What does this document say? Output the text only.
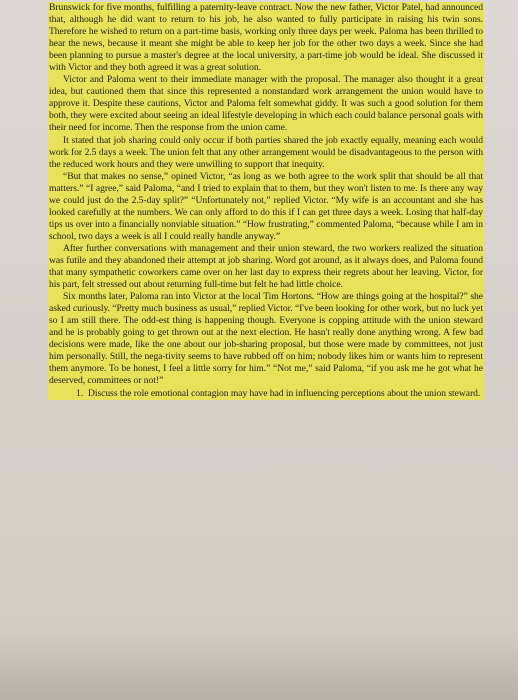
Brunswick for five months, fulfilling a paternity-leave contract. Now the new father, Victor Patel, had announced that, although he did want to return to his job, he also wanted to fully participate in raising his twin sons. Therefore he wished to return on a part-time basis, working only three days per week. Paloma has been thrilled to hear the news, because it meant she might be able to keep her job for the other two days a week. Since she had been planning to pursue a master's degree at the local university, a part-time job would be ideal. She discussed it with Victor and they both agreed it was a great solution.

Victor and Paloma went to their immediate manager with the proposal. The manager also thought it a great idea, but cautioned them that since this represented a nonstandard work arrangement the union would have to approve it. Despite these cautions, Victor and Paloma felt somewhat giddy. It was such a good solution for them both, they were excited about seeing an ideal lifestyle developing in which each could balance personal goals with their need for income. Then the response from the union came.

It stated that job sharing could only occur if both parties shared the job exactly equally, meaning each would work for 2.5 days a week. The union felt that any other arrangement would be disadvantageous to the person with the reduced work hours and they were unwilling to support that inequity.

“But that makes no sense,” opined Victor, “as long as we both agree to the work split that should be all that matters.” “I agree,” said Paloma, “and I tried to explain that to them, but they won't listen to me. Is there any way we could just do the 2.5-day split?” “Unfortunately not,” replied Victor. “My wife is an accountant and she has looked carefully at the numbers. We can only afford to do this if I can get three days a week. Losing that half-day tips us over into a financially nonviable situation.” “How frustrating,” commented Paloma, “because while I am in school, two days a week is all I could really handle anyway.”

After further conversations with management and their union steward, the two workers realized the situation was futile and they abandoned their attempt at job sharing. Word got around, as it always does, and Paloma found that many sympathetic coworkers came over on her last day to express their regrets about her leaving. Victor, for his part, felt stressed out about returning full-time but felt he had little choice.

Six months later, Paloma ran into Victor at the local Tim Hortons. “How are things going at the hospital?” she asked curiously. “Pretty much business as usual,” replied Victor. “I've been looking for other work, but no luck yet so I am still there. The odd-est thing is happening though. Everyone is copping attitude with the union steward and he is probably going to get thrown out at the next election. He hasn't really done anything wrong. A few bad decisions were made, like the one about our job-sharing proposal, but those were made by committees, not just him personally. Still, the nega-tivity seems to have rubbed off on him; nobody likes him or wants him to represent them anymore. To be honest, I feel a little sorry for him.” “Not me,” said Paloma, “if you ask me he got what he deserved, committees or not!”

1. Discuss the role emotional contagion may have had in influencing perceptions about the union steward.
